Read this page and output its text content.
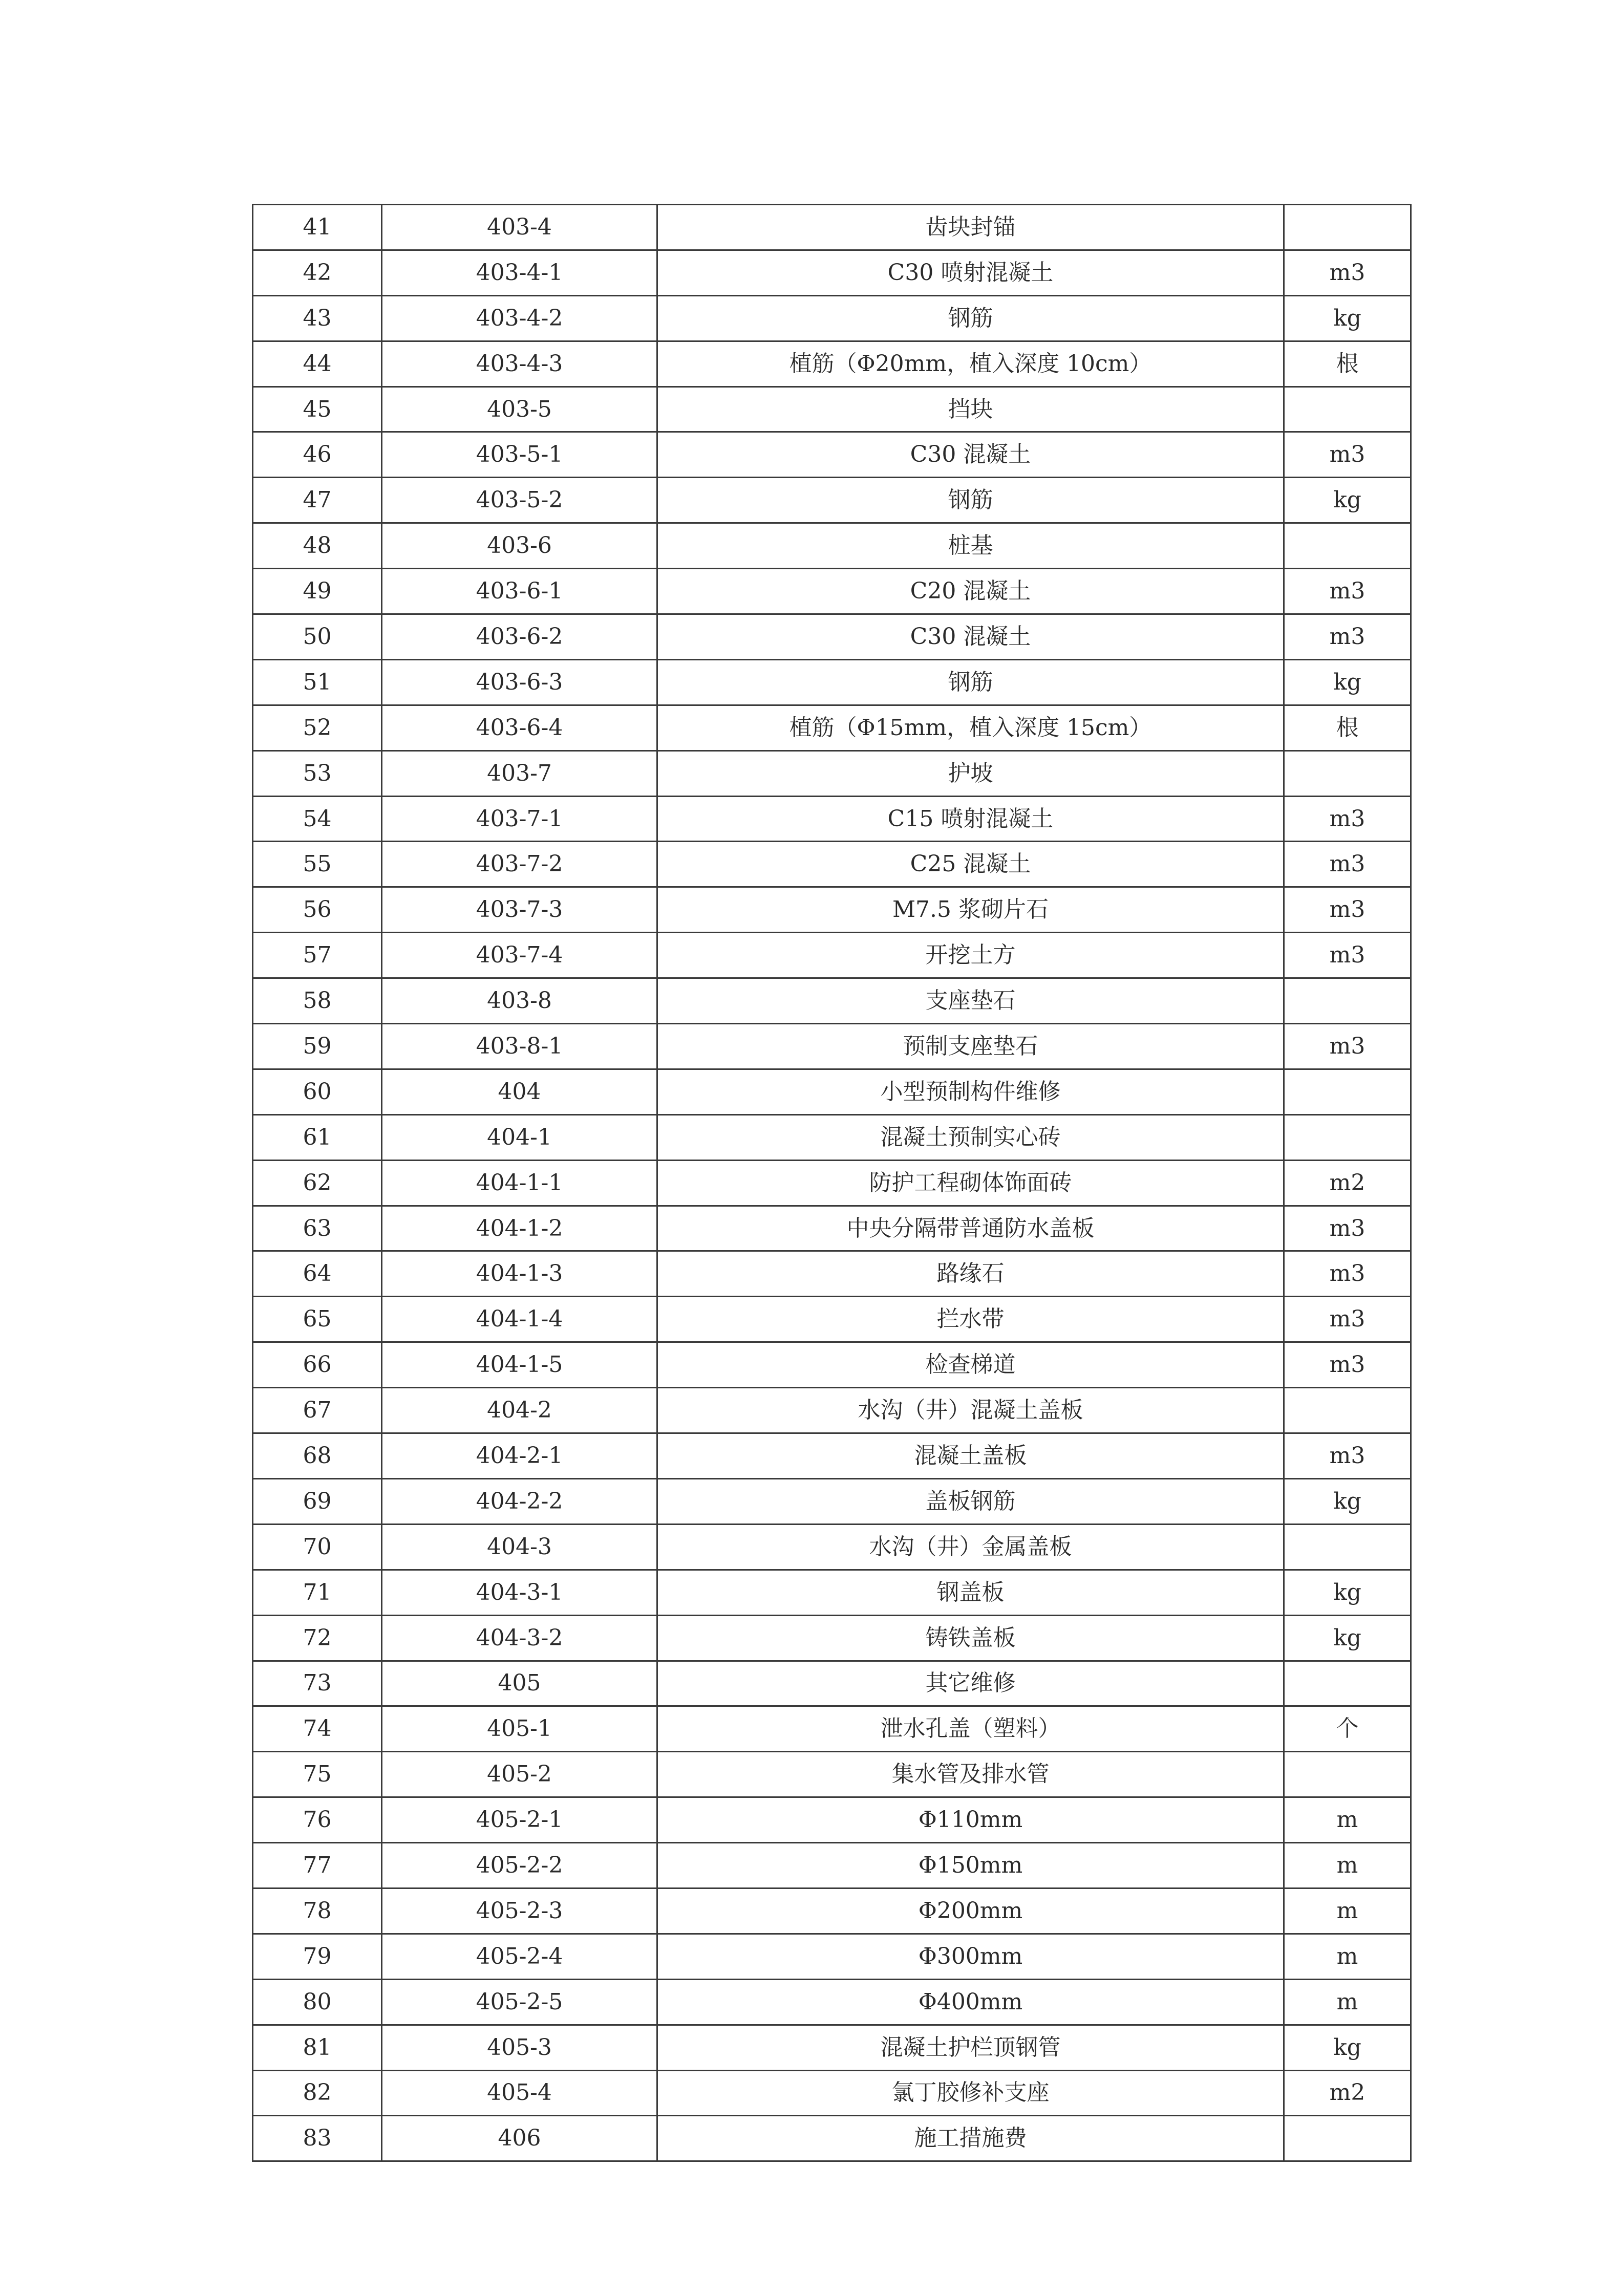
41	403-4	齿块封锚	
42	403-4-1	C30 喷射混凝土	m3
43	403-4-2	钢筋	kg
44	403-4-3	植筋（Φ20mm，植入深度 10cm）	根
45	403-5	挡块	
46	403-5-1	C30 混凝土	m3
47	403-5-2	钢筋	kg
48	403-6	桩基	
49	403-6-1	C20 混凝土	m3
50	403-6-2	C30 混凝土	m3
51	403-6-3	钢筋	kg
52	403-6-4	植筋（Φ15mm，植入深度 15cm）	根
53	403-7	护坡	
54	403-7-1	C15 喷射混凝土	m3
55	403-7-2	C25 混凝土	m3
56	403-7-3	M7.5 浆砌片石	m3
57	403-7-4	开挖土方	m3
58	403-8	支座垫石	
59	403-8-1	预制支座垫石	m3
60	404	小型预制构件维修	
61	404-1	混凝土预制实心砖	
62	404-1-1	防护工程砌体饰面砖	m2
63	404-1-2	中央分隔带普通防水盖板	m3
64	404-1-3	路缘石	m3
65	404-1-4	拦水带	m3
66	404-1-5	检查梯道	m3
67	404-2	水沟（井）混凝土盖板	
68	404-2-1	混凝土盖板	m3
69	404-2-2	盖板钢筋	kg
70	404-3	水沟（井）金属盖板	
71	404-3-1	钢盖板	kg
72	404-3-2	铸铁盖板	kg
73	405	其它维修	
74	405-1	泄水孔盖（塑料）	个
75	405-2	集水管及排水管	
76	405-2-1	Φ110mm	m
77	405-2-2	Φ150mm	m
78	405-2-3	Φ200mm	m
79	405-2-4	Φ300mm	m
80	405-2-5	Φ400mm	m
81	405-3	混凝土护栏顶钢管	kg
82	405-4	氯丁胶修补支座	m2
83	406	施工措施费	
